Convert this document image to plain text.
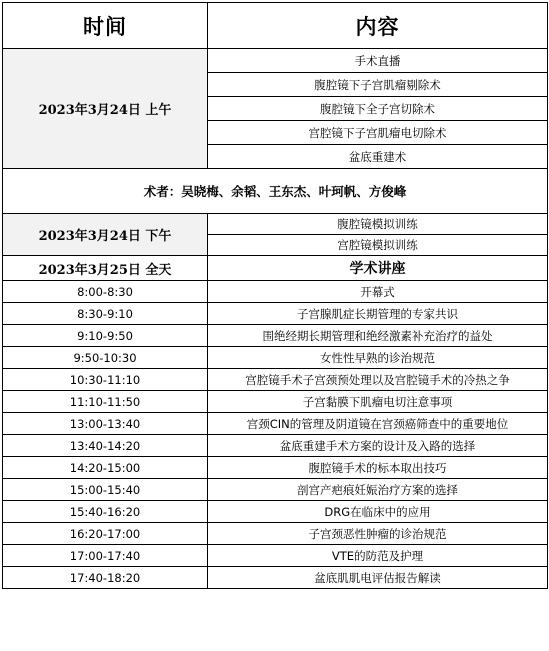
时间	内容
2023年3月24日 上午	手术直播
	腹腔镜下子宫肌瘤剔除术
	腹腔镜下全子宫切除术
	宫腔镜下子宫肌瘤电切除术
	盆底重建术
术者：吴晓梅、余韬、王东杰、叶珂帆、方俊峰	
2023年3月24日 下午	腹腔镜模拟训练
	宫腔镜模拟训练
2023年3月25日 全天	学术讲座
8:00-8:30	开幕式
8:30-9:10	子宫腺肌症长期管理的专家共识
9:10-9:50	围绝经期长期管理和绝经激素补充治疗的益处
9:50-10:30	女性性早熟的诊治规范
10:30-11:10	宫腔镜手术子宫颈预处理以及宫腔镜手术的冷热之争
11:10-11:50	子宫黏膜下肌瘤电切注意事项
13:00-13:40	宫颈CIN的管理及阴道镜在宫颈癌筛查中的重要地位
13:40-14:20	盆底重建手术方案的设计及入路的选择
14:20-15:00	腹腔镜手术的标本取出技巧
15:00-15:40	剖宫产疤痕妊娠治疗方案的选择
15:40-16:20	DRG在临床中的应用
16:20-17:00	子宫颈恶性肿瘤的诊治规范
17:00-17:40	VTE的防范及护理
17:40-18:20	盆底肌肌电评估报告解读
